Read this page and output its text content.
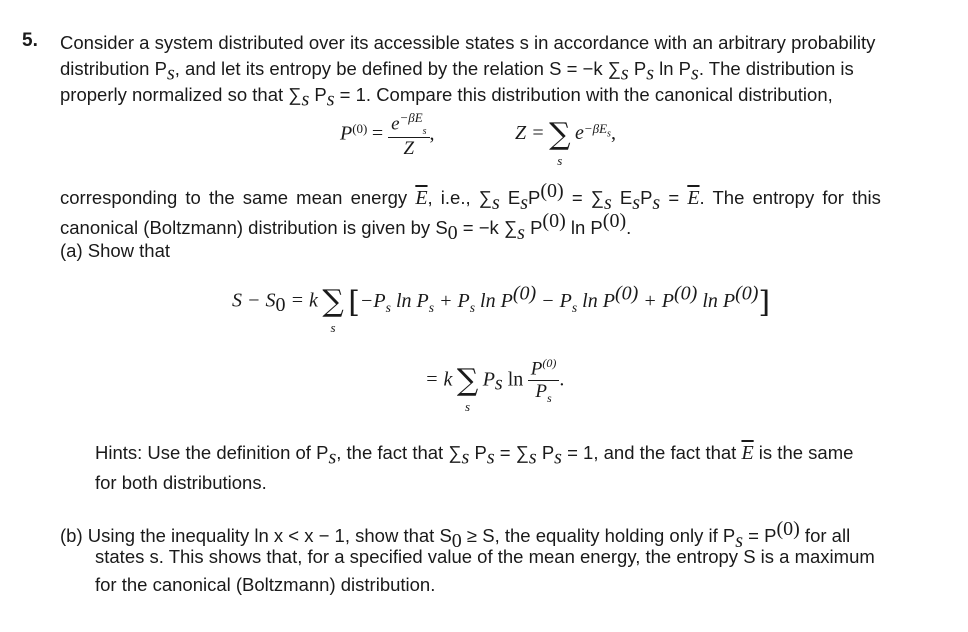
5. Consider a system distributed over its accessible states s in accordance with an arbitrary probability
distribution $P_s$, and let its entropy be defined by the relation S = −k $\sum_s$ $P_s$ $\ln P_s$. The distribution is
properly normalized so that $\sum_s$ $P_s = 1$. Compare this distribution with the canonical distribution,
$P^{(0)} = \frac{e^{-\beta E}_s}{Z}$ ,	Z = ∑
s
$e^{-\beta E_s}$,
corresponding to the same mean energy $\overline{E}$, i.e., $\sum_s$ $E_sP^{(0)} = \sum_s$ $E_sP_s = \overline{E}$. The entropy for this
canonical (Boltzmann) distribution is given by $S_0 = -k$ $\sum_s$ $P^{(0)}$ $\ln P^{(0)}$.
(a) Show that
$S - S_0 = k$ ∑
s
[$-P_s$ $\ln P_s + P_s$ $\ln P^{(0)} - P_s$ $\ln P^{(0)} + P^{(0)}$ $\ln P^{(0)}$]
= k ∑
s
$P_s$ $\ln \frac{P^{(0)}}{P_s}$ .
Hints: Use the definition of $P_s$, the fact that $\sum_s$ $P_s = \sum_s$ $P_s = 1$, and the fact that $\overline{E}$ is the same
for both distributions.
(b) Using the inequality ln x < x − 1, show that $S_0 \ge S$, the equality holding only if $P_s = P^{(0)}$ for all
states s. This shows that, for a specified value of the mean energy, the entropy S is a maximum
for the canonical (Boltzmann) distribution.
